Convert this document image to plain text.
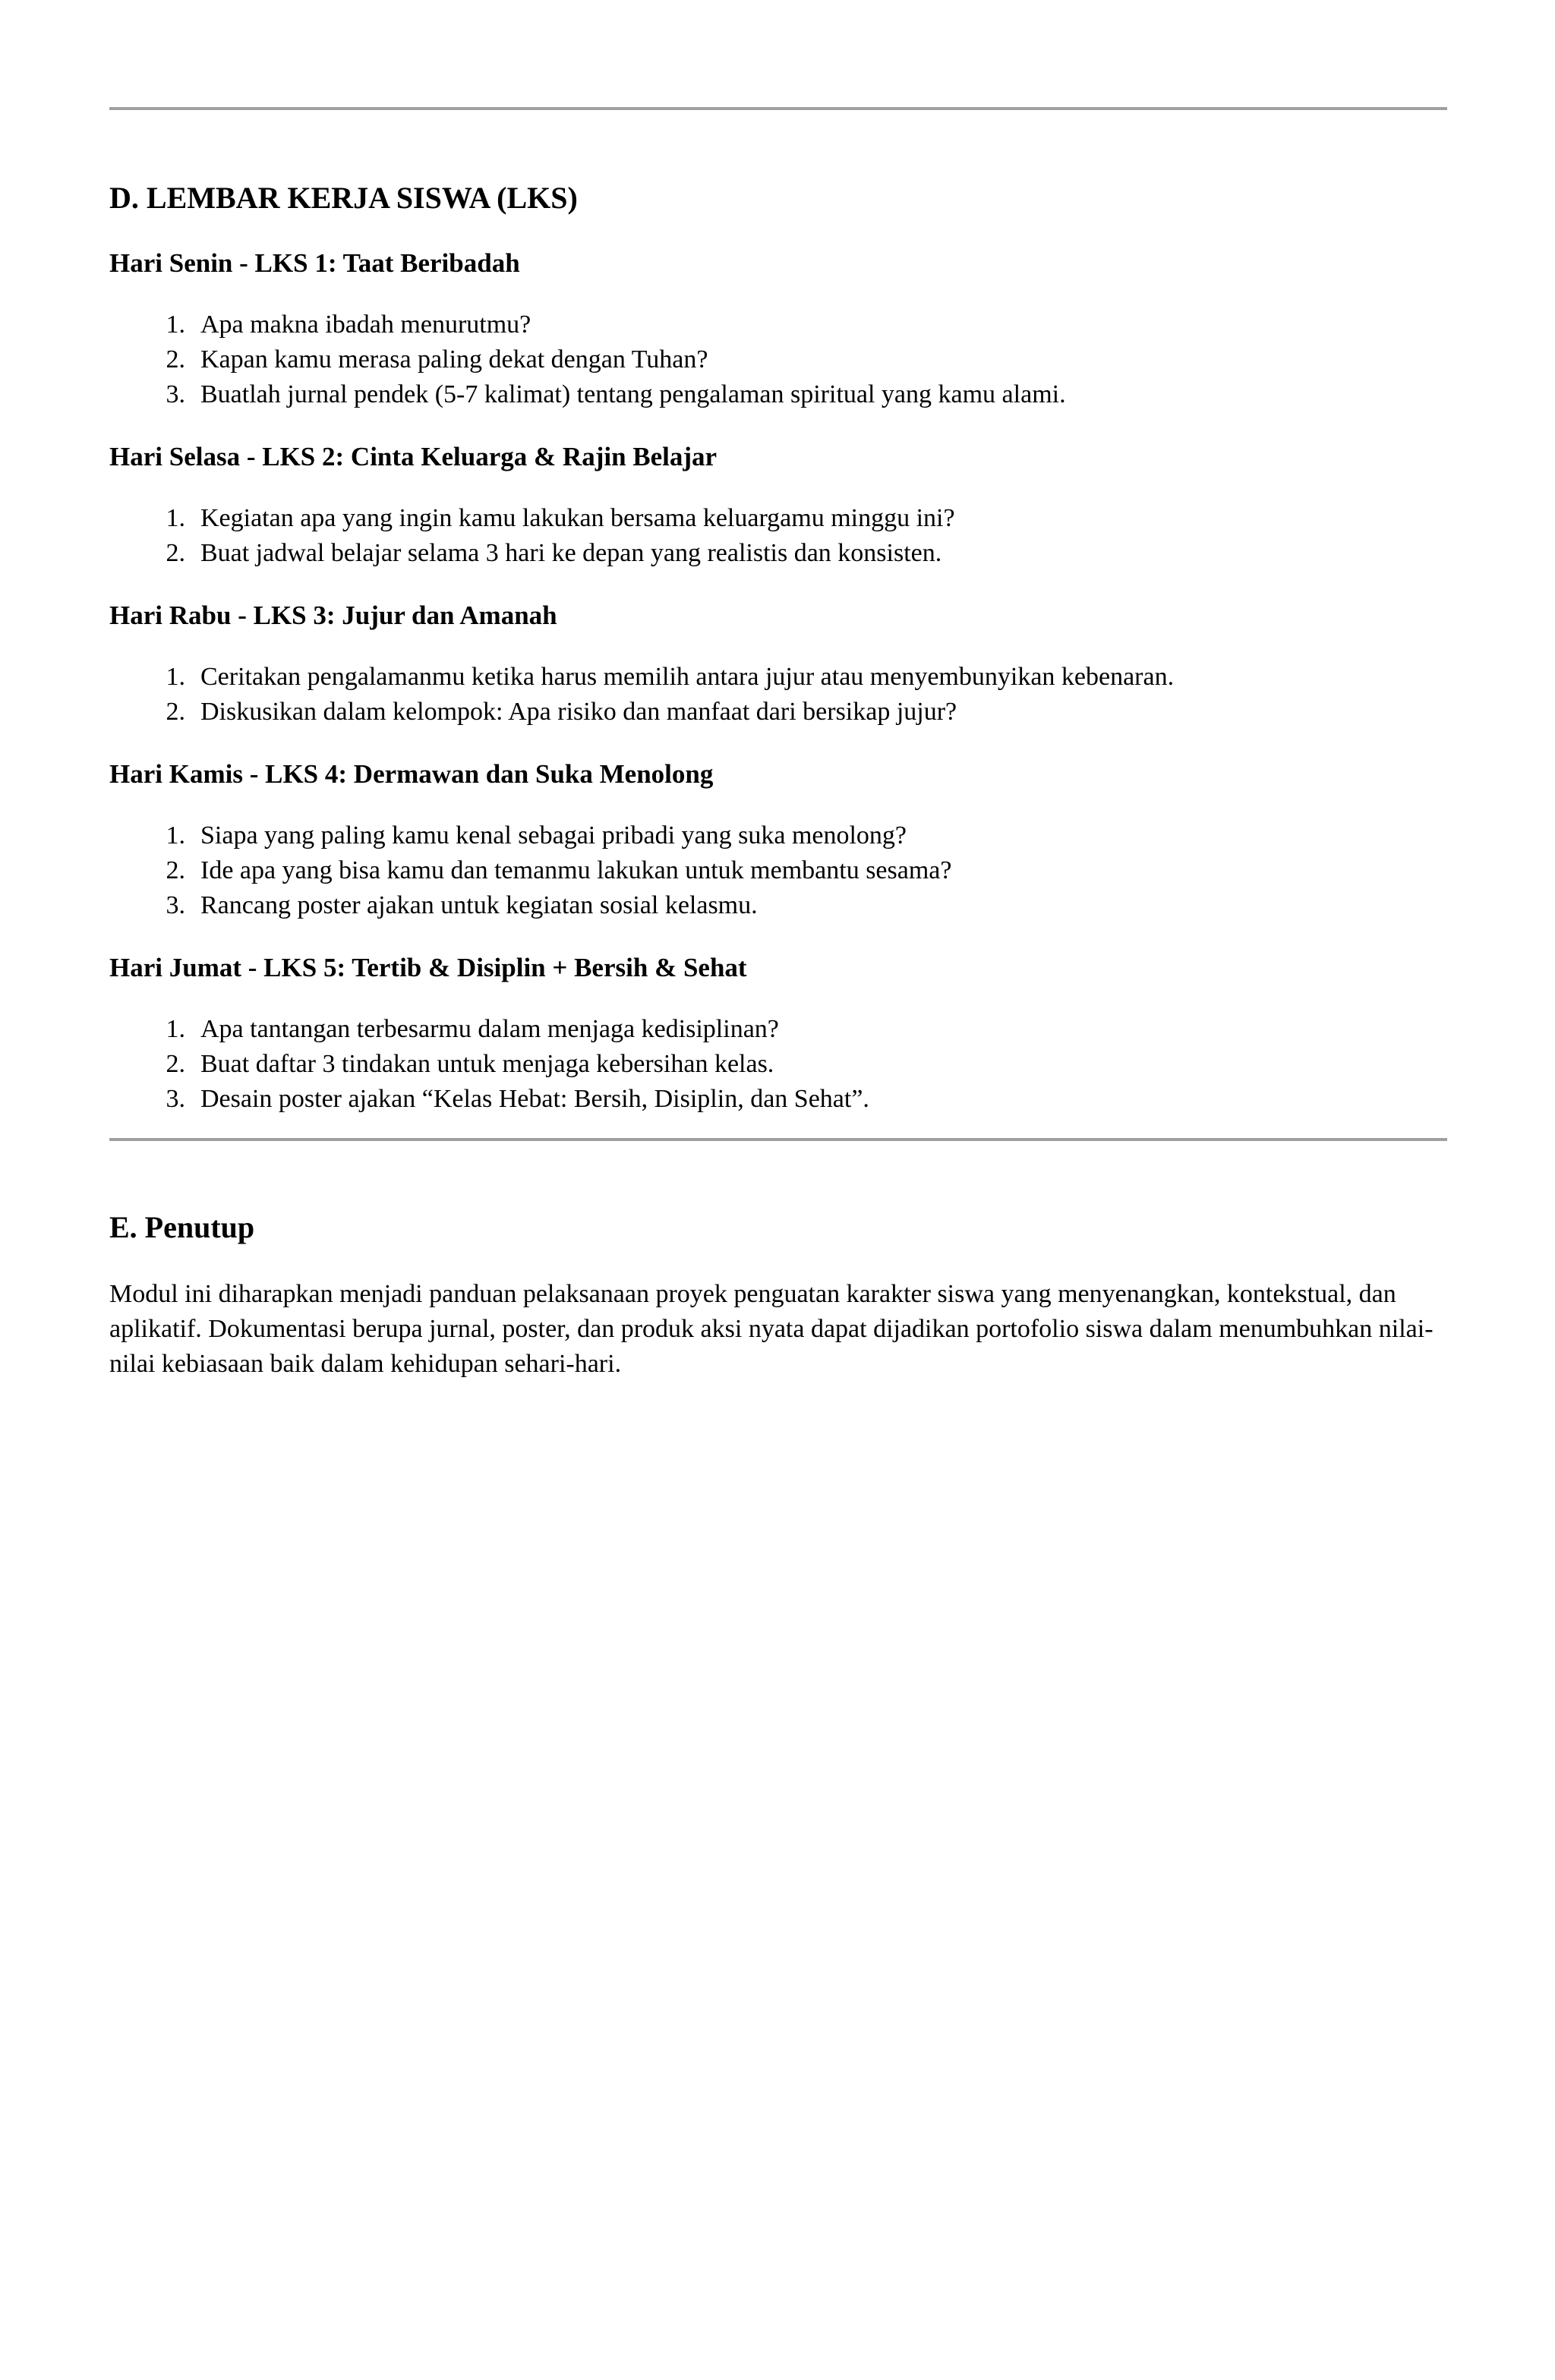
D. LEMBAR KERJA SISWA (LKS)
Hari Senin - LKS 1: Taat Beribadah
1. Apa makna ibadah menurutmu?
2. Kapan kamu merasa paling dekat dengan Tuhan?
3. Buatlah jurnal pendek (5-7 kalimat) tentang pengalaman spiritual yang kamu alami.
Hari Selasa - LKS 2: Cinta Keluarga & Rajin Belajar
1. Kegiatan apa yang ingin kamu lakukan bersama keluargamu minggu ini?
2. Buat jadwal belajar selama 3 hari ke depan yang realistis dan konsisten.
Hari Rabu - LKS 3: Jujur dan Amanah
1. Ceritakan pengalamanmu ketika harus memilih antara jujur atau menyembunyikan kebenaran.
2. Diskusikan dalam kelompok: Apa risiko dan manfaat dari bersikap jujur?
Hari Kamis - LKS 4: Dermawan dan Suka Menolong
1. Siapa yang paling kamu kenal sebagai pribadi yang suka menolong?
2. Ide apa yang bisa kamu dan temanmu lakukan untuk membantu sesama?
3. Rancang poster ajakan untuk kegiatan sosial kelasmu.
Hari Jumat - LKS 5: Tertib & Disiplin + Bersih & Sehat
1. Apa tantangan terbesarmu dalam menjaga kedisiplinan?
2. Buat daftar 3 tindakan untuk menjaga kebersihan kelas.
3. Desain poster ajakan “Kelas Hebat: Bersih, Disiplin, dan Sehat”.
E. Penutup

Modul ini diharapkan menjadi panduan pelaksanaan proyek penguatan karakter siswa yang menyenangkan, kontekstual, dan aplikatif. Dokumentasi berupa jurnal, poster, dan produk aksi nyata dapat dijadikan portofolio siswa dalam menumbuhkan nilai-nilai kebiasaan baik dalam kehidupan sehari-hari.
